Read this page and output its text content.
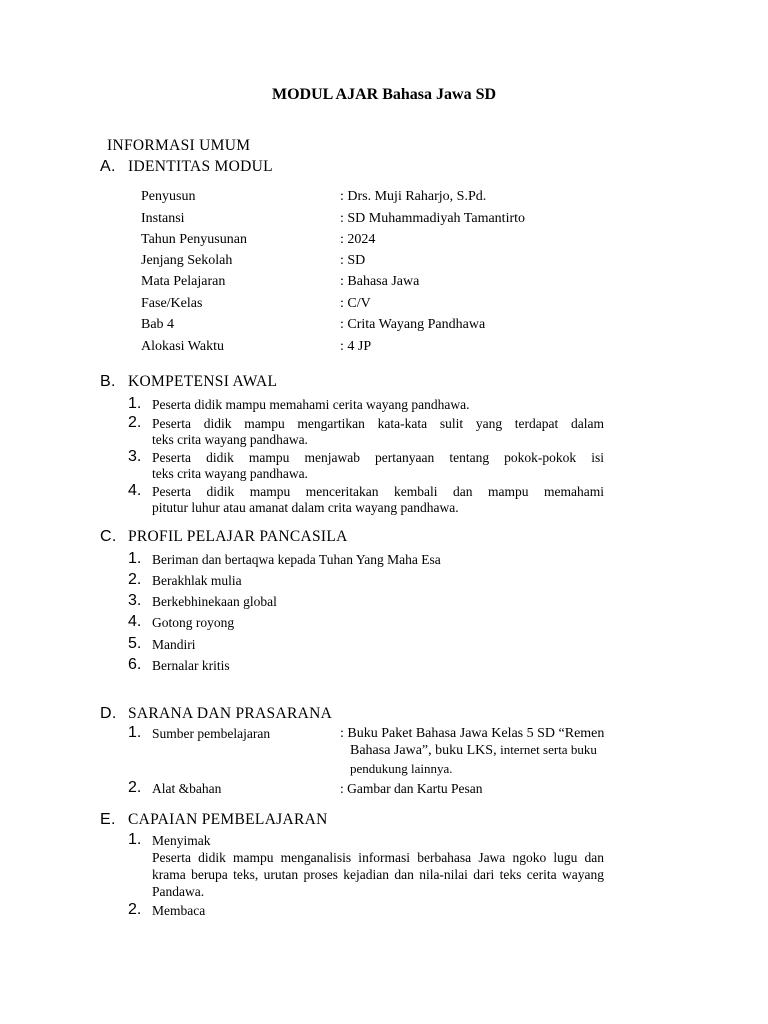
MODUL AJAR Bahasa Jawa SD
INFORMASI UMUM
A. IDENTITAS MODUL
Penyusun	: Drs. Muji Raharjo, S.Pd.
Instansi	: SD Muhammadiyah Tamantirto
Tahun Penyusunan	: 2024
Jenjang Sekolah	: SD
Mata Pelajaran	: Bahasa Jawa
Fase/Kelas	: C/V
Bab 4	: Crita Wayang Pandhawa
Alokasi Waktu	: 4 JP
B. KOMPETENSI AWAL
1. Peserta didik mampu memahami cerita wayang pandhawa.
2. Peserta didik mampu mengartikan kata-kata sulit yang terdapat dalam
teks crita wayang pandhawa.
3. Peserta didik mampu menjawab pertanyaan tentang pokok-pokok isi
teks crita wayang pandhawa.
4. Peserta didik mampu menceritakan kembali dan mampu memahami
pitutur luhur atau amanat dalam crita wayang pandhawa.
C. PROFIL PELAJAR PANCASILA
1. Beriman dan bertaqwa kepada Tuhan Yang Maha Esa
2. Berakhlak mulia
3. Berkebhinekaan global
4. Gotong royong
5. Mandiri
6. Bernalar kritis
D. SARANA DAN PRASARANA
1. Sumber pembelajaran	: Buku Paket Bahasa Jawa Kelas 5 SD “Remen
Bahasa Jawa”, buku LKS, internet serta buku
pendukung lainnya.
2. Alat &bahan	: Gambar dan Kartu Pesan
E. CAPAIAN PEMBELAJARAN
1. Menyimak
Peserta didik mampu menganalisis informasi berbahasa Jawa ngoko lugu dan
krama berupa teks, urutan proses kejadian dan nila-nilai dari teks cerita wayang
Pandawa.
2. Membaca
